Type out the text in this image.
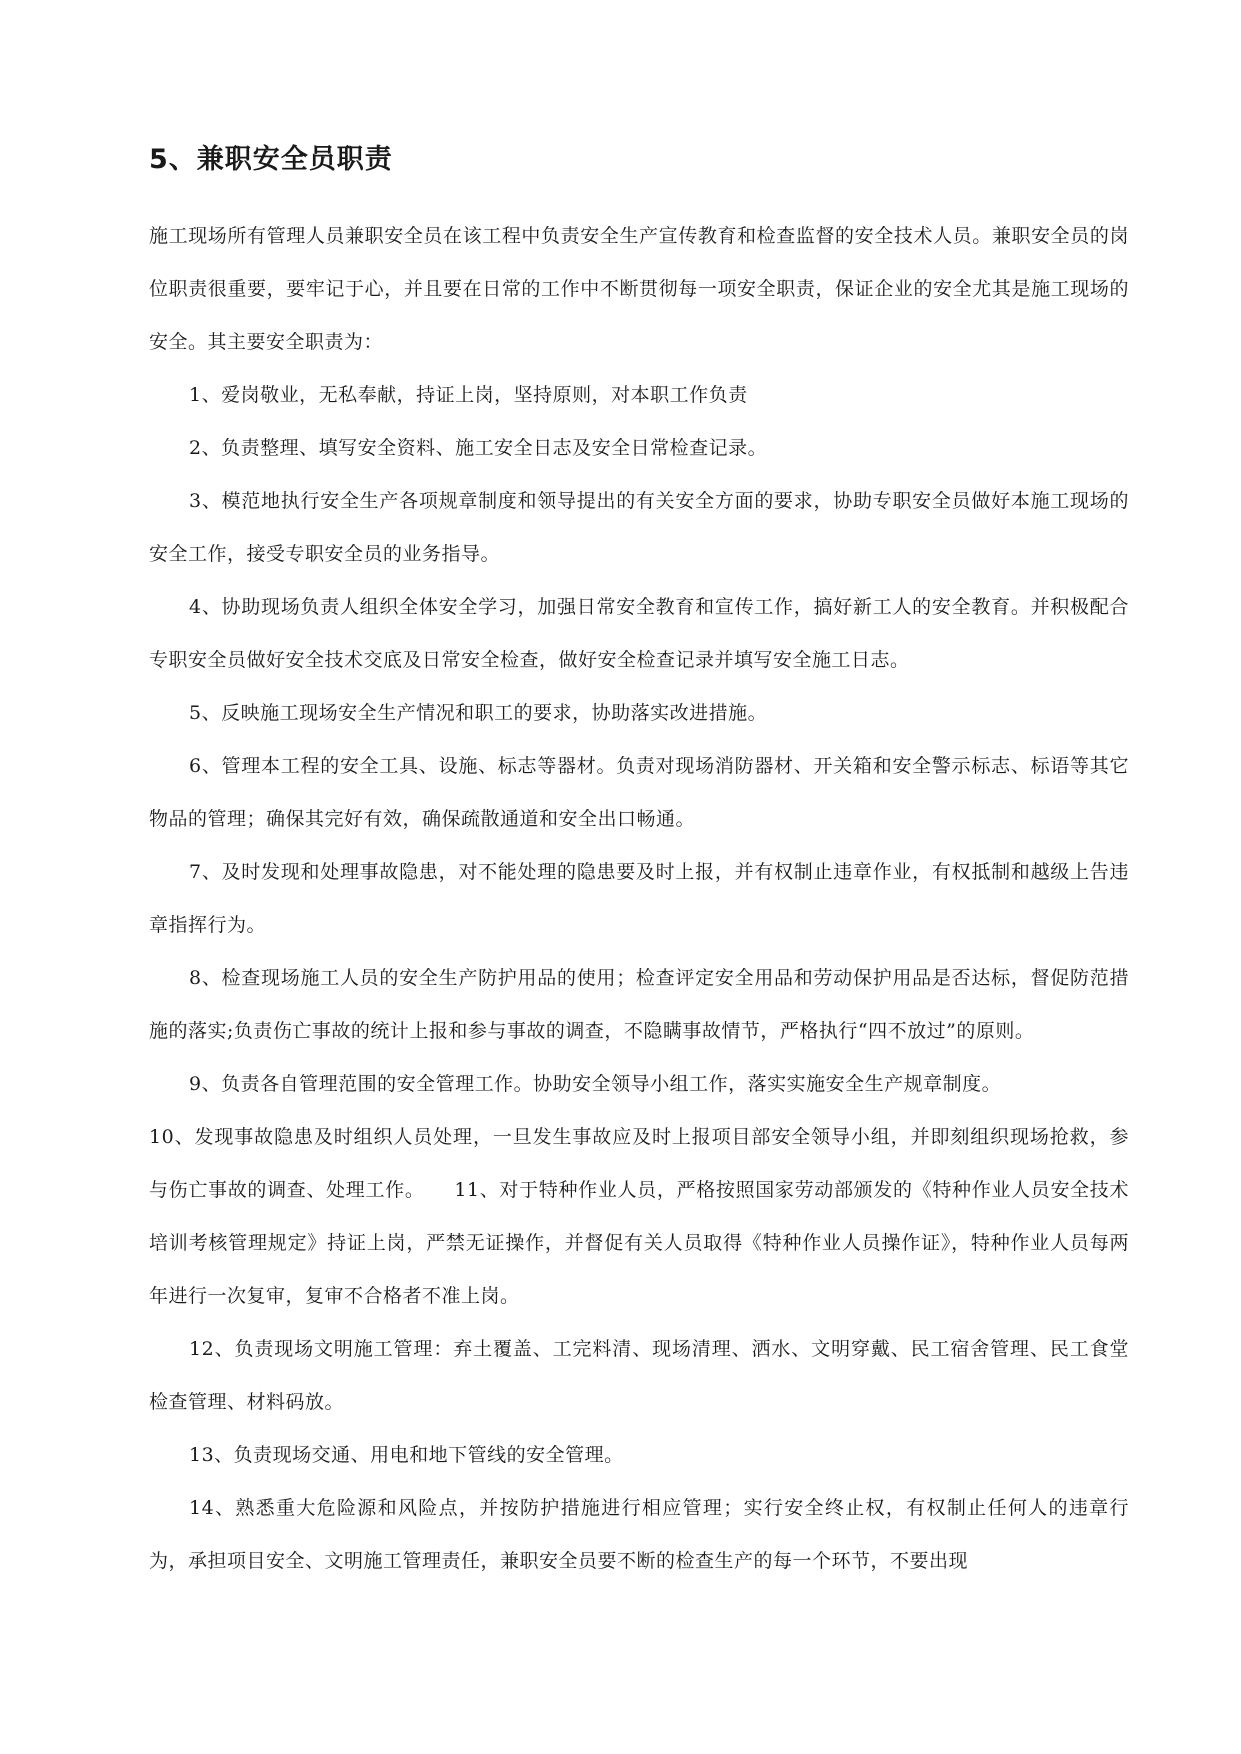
5、兼职安全员职责

施工现场所有管理人员兼职安全员在该工程中负责安全生产宣传教育和检查监督的安全技术人员。兼职安全员的岗位职责很重要，要牢记于心，并且要在日常的工作中不断贯彻每一项安全职责，保证企业的安全尤其是施工现场的安全。其主要安全职责为：

1、爱岗敬业，无私奉献，持证上岗，坚持原则，对本职工作负责

2、负责整理、填写安全资料、施工安全日志及安全日常检查记录。

3、模范地执行安全生产各项规章制度和领导提出的有关安全方面的要求，协助专职安全员做好本施工现场的安全工作，接受专职安全员的业务指导。

4、协助现场负责人组织全体安全学习，加强日常安全教育和宣传工作，搞好新工人的安全教育。并积极配合专职安全员做好安全技术交底及日常安全检查，做好安全检查记录并填写安全施工日志。

5、反映施工现场安全生产情况和职工的要求，协助落实改进措施。

6、管理本工程的安全工具、设施、标志等器材。负责对现场消防器材、开关箱和安全警示标志、标语等其它物品的管理；确保其完好有效，确保疏散通道和安全出口畅通。

7、及时发现和处理事故隐患，对不能处理的隐患要及时上报，并有权制止违章作业，有权抵制和越级上告违章指挥行为。

8、检查现场施工人员的安全生产防护用品的使用；检查评定安全用品和劳动保护用品是否达标，督促防范措施的落实;负责伤亡事故的统计上报和参与事故的调查，不隐瞒事故情节，严格执行“四不放过”的原则。

9、负责各自管理范围的安全管理工作。协助安全领导小组工作，落实实施安全生产规章制度。

10、发现事故隐患及时组织人员处理，一旦发生事故应及时上报项目部安全领导小组，并即刻组织现场抢救，参与伤亡事故的调查、处理工作。　　11、对于特种作业人员，严格按照国家劳动部颁发的《特种作业人员安全技术培训考核管理规定》持证上岗，严禁无证操作，并督促有关人员取得《特种作业人员操作证》，特种作业人员每两年进行一次复审，复审不合格者不准上岗。

12、负责现场文明施工管理：弃土覆盖、工完料清、现场清理、洒水、文明穿戴、民工宿舍管理、民工食堂检查管理、材料码放。

13、负责现场交通、用电和地下管线的安全管理。

14、熟悉重大危险源和风险点，并按防护措施进行相应管理；实行安全终止权，有权制止任何人的违章行为，承担项目安全、文明施工管理责任，兼职安全员要不断的检查生产的每一个环节，不要出现
